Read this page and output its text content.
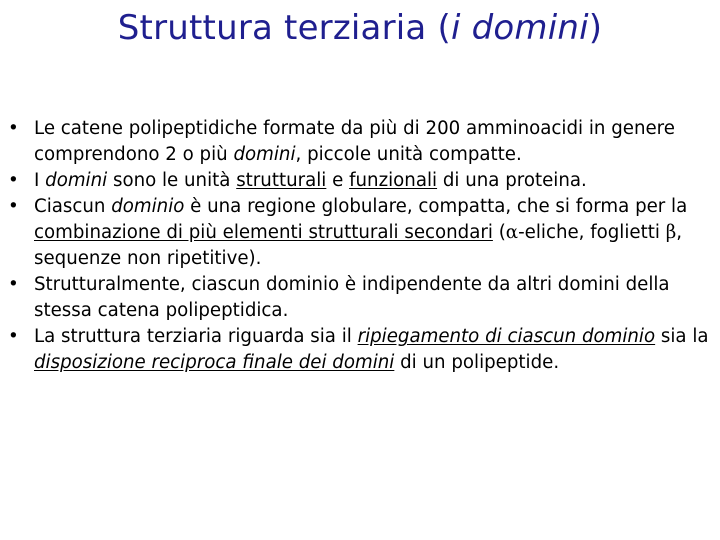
Struttura terziaria (i domini)
• Le catene polipeptidiche formate da più di 200 amminoacidi in genere comprendono 2 o più domini, piccole unità compatte.
• I domini sono le unità strutturali e funzionali di una proteina.
• Ciascun dominio è una regione globulare, compatta, che si forma per la combinazione di più elementi strutturali secondari (α-eliche, foglietti β, sequenze non ripetitive).
• Strutturalmente, ciascun dominio è indipendente da altri domini della stessa catena polipeptidica.
• La struttura terziaria riguarda sia il ripiegamento di ciascun dominio sia la disposizione reciproca finale dei domini di un polipeptide.
